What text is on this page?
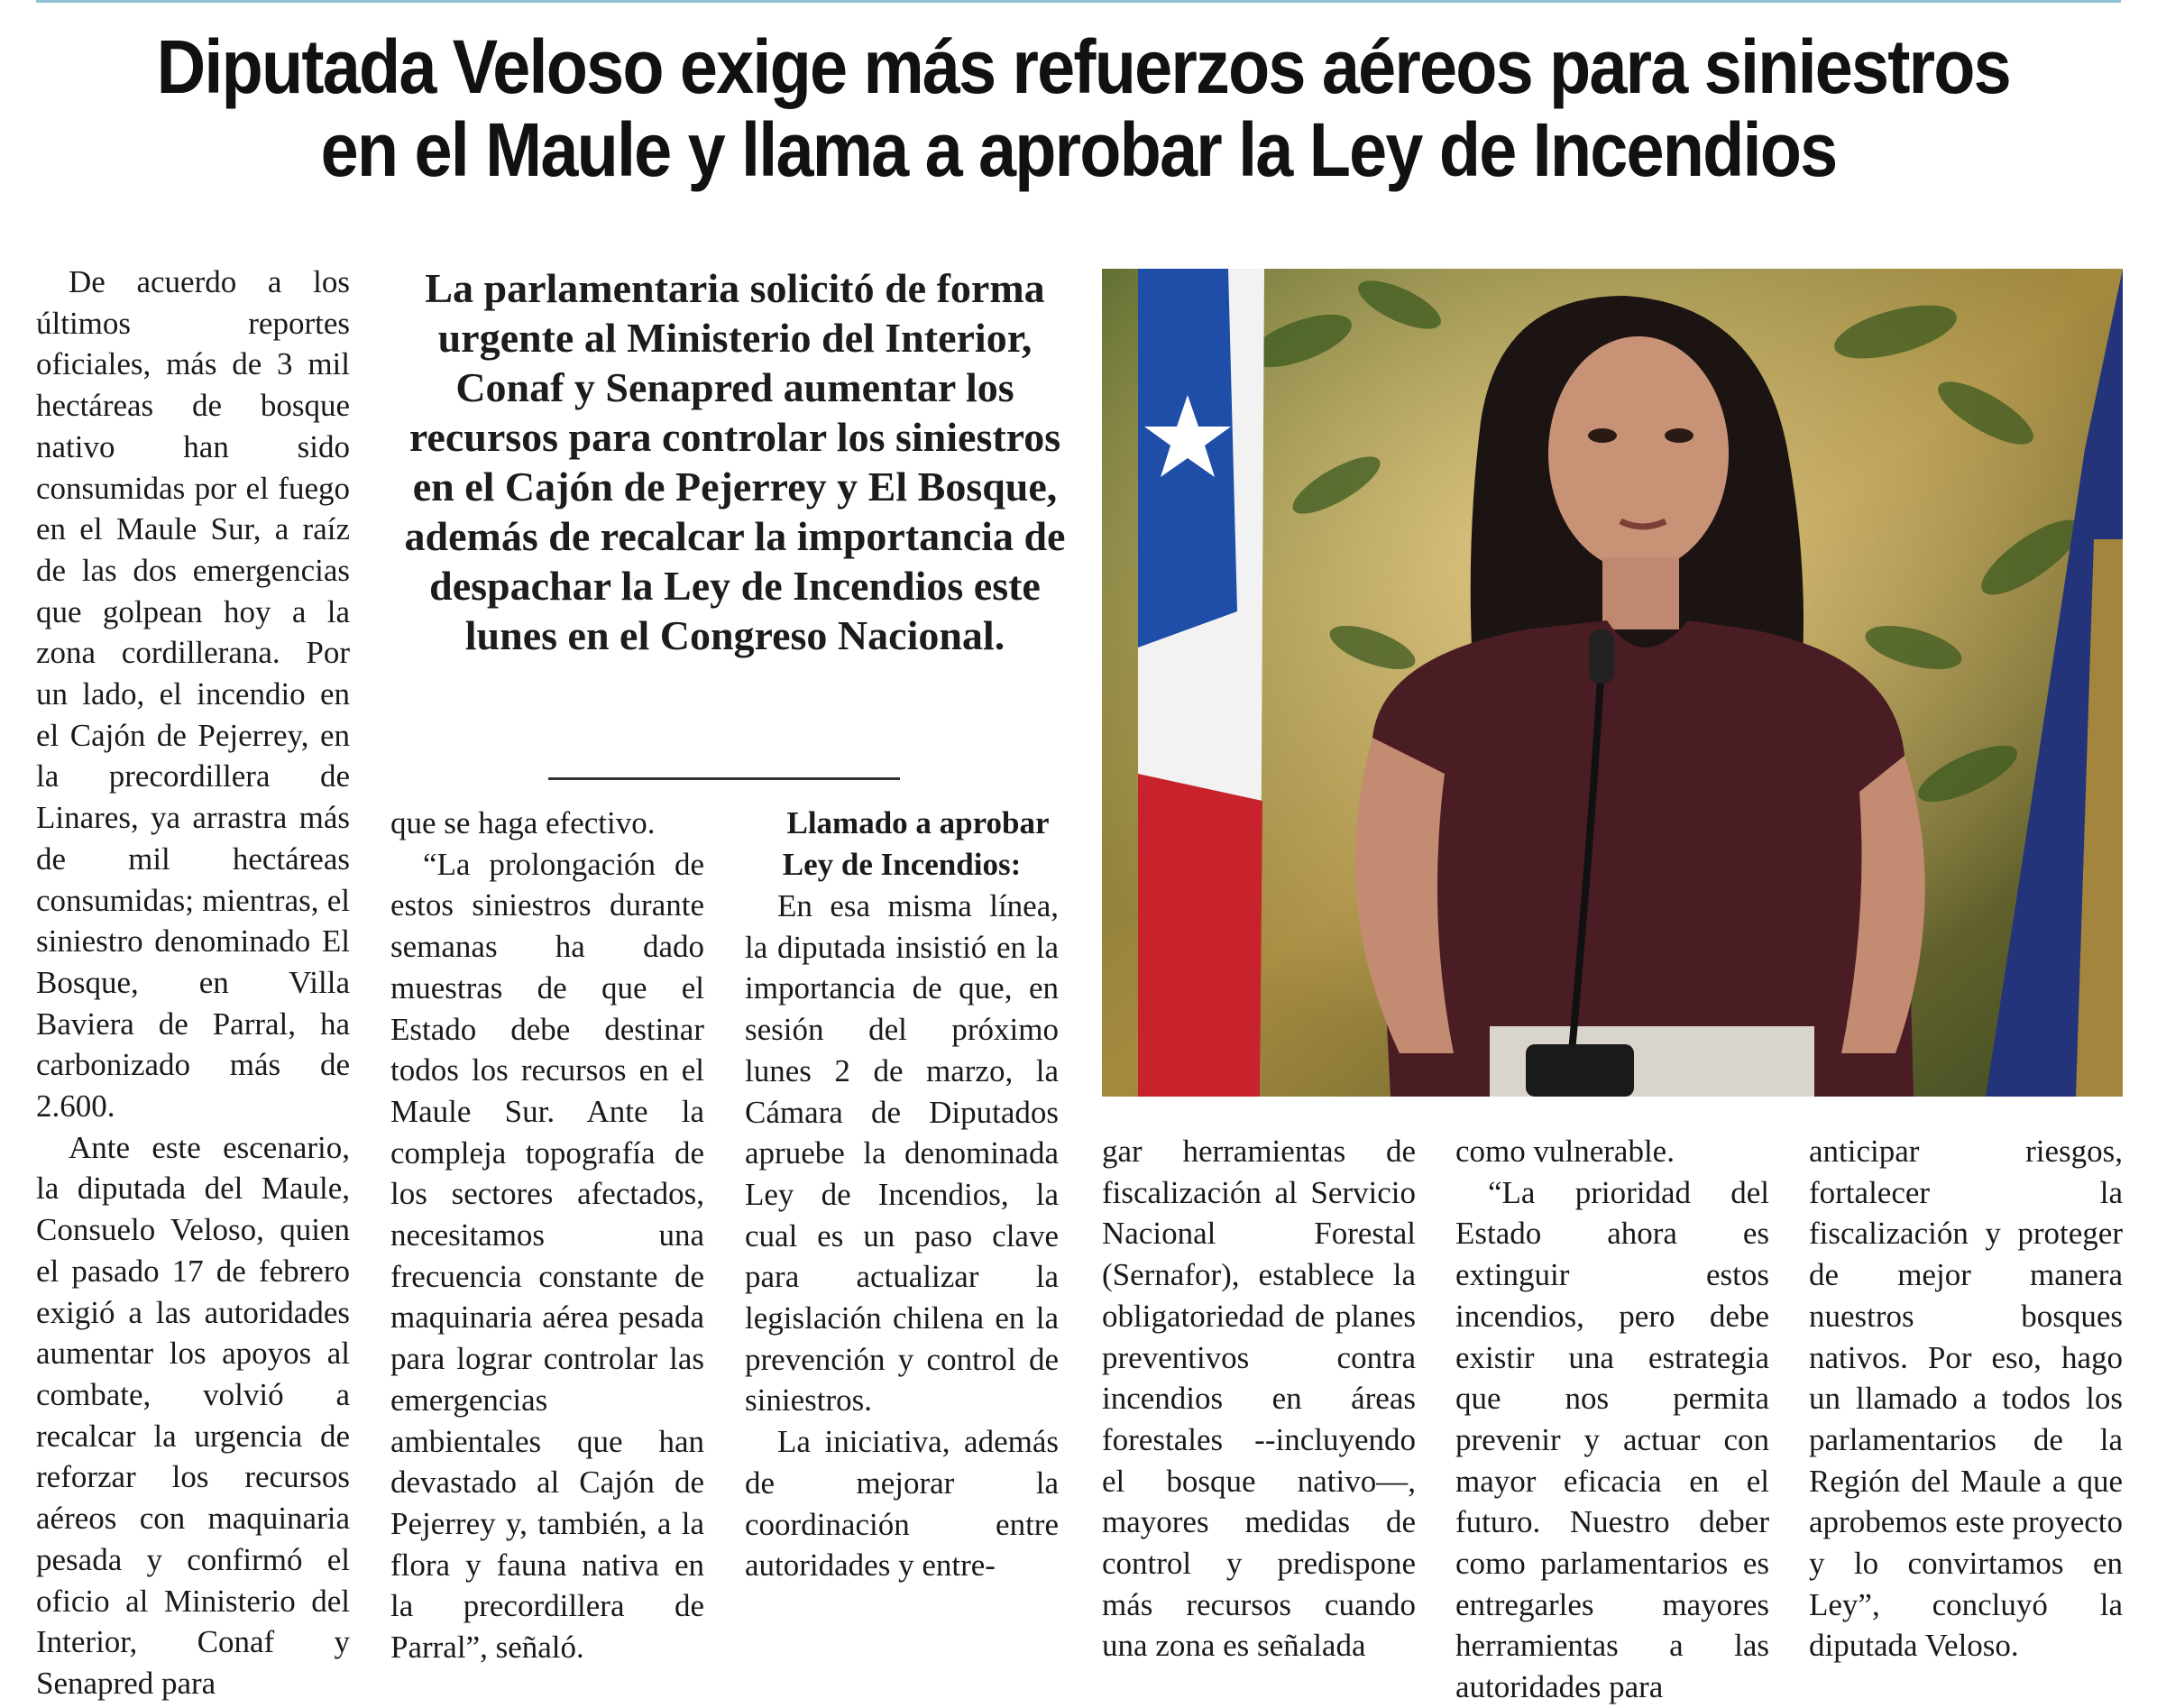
Diputada Veloso exige más refuerzos aéreos para siniestros
en el Maule y llama a aprobar la Ley de Incendios

De acuerdo a los últimos reportes oficiales, más de 3 mil hectáreas de bosque nativo han sido consumidas por el fuego en el Maule Sur, a raíz de las dos emergencias que golpean hoy a la zona cordillerana. Por un lado, el incendio en el Cajón de Pejerrey, en la precordillera de Linares, ya arrastra más de mil hectáreas consumidas; mientras, el siniestro denominado El Bosque, en Villa Baviera de Parral, ha carbonizado más de 2.600.

Ante este escenario, la diputada del Maule, Consuelo Veloso, quien el pasado 17 de febrero exigió a las autoridades aumentar los apoyos al combate, volvió a recalcar la urgencia de reforzar los recursos aéreos con maquinaria pesada y confirmó el oficio al Ministerio del Interior, Conaf y Senapred para

La parlamentaria solicitó de forma urgente al Ministerio del Interior, Conaf y Senapred aumentar los recursos para controlar los siniestros en el Cajón de Pejerrey y El Bosque, además de recalcar la importancia de despachar la Ley de Incendios este lunes en el Congreso Nacional.

que se haga efectivo.

“La prolongación de estos siniestros durante semanas ha dado muestras de que el Estado debe destinar todos los recursos en el Maule Sur. Ante la compleja topografía de los sectores afectados, necesitamos una frecuencia constante de maquinaria aérea pesada para lograr controlar las emergencias ambientales que han devastado al Cajón de Pejerrey y, también, a la flora y fauna nativa en la precordillera de Parral”, señaló.

Llamado a aprobar Ley de Incendios:

En esa misma línea, la diputada insistió en la importancia de que, en sesión del próximo lunes 2 de marzo, la Cámara de Diputados apruebe la denominada Ley de Incendios, la cual es un paso clave para actualizar la legislación chilena en la prevención y control de siniestros.

La iniciativa, además de mejorar la coordinación entre autoridades y entre-

gar herramientas de fiscalización al Servicio Nacional Forestal (Sernafor), establece la obligatoriedad de planes preventivos contra incendios en áreas forestales --incluyendo el bosque nativo—, mayores medidas de control y predispone más recursos cuando una zona es señalada

como vulnerable.

“La prioridad del Estado ahora es extinguir estos incendios, pero debe existir una estrategia que nos permita prevenir y actuar con mayor eficacia en el futuro. Nuestro deber como parlamentarios es entregarles mayores herramientas a las autoridades para

anticipar riesgos, fortalecer la fiscalización y proteger de mejor manera nuestros bosques nativos. Por eso, hago un llamado a todos los parlamentarios de la Región del Maule a que aprobemos este proyecto y lo convirtamos en Ley”, concluyó la diputada Veloso.
